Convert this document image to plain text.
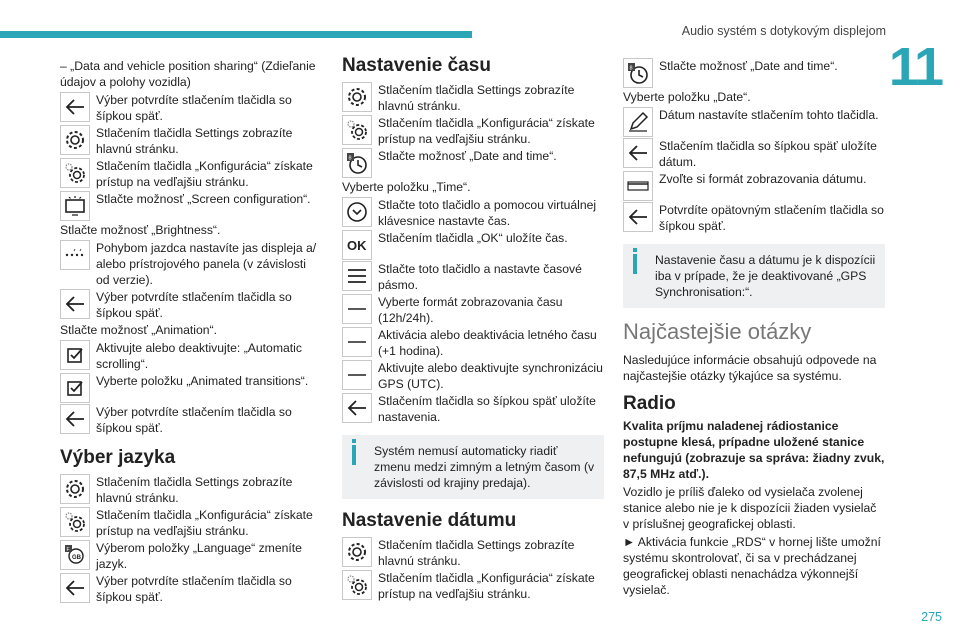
Audio systém s dotykovým displejom
11
275

– „Data and vehicle position sharing“ (Zdieľanie údajov a polohy vozidla)

Výber potvrdíte stlačením tlačidla so šípkou späť.
Stlačením tlačidla Settings zobrazíte hlavnú stránku.
Stlačením tlačidla „Konfigurácia“ získate prístup na vedľajšiu stránku.
Stlačte možnosť „Screen configuration“.

Stlačte možnosť „Brightness“.

Pohybom jazdca nastavíte jas displeja a/ alebo prístrojového panela (v závislosti od verzie).
Výber potvrdíte stlačením tlačidla so šípkou späť.

Stlačte možnosť „Animation“.

Aktivujte alebo deaktivujte: „Automatic scrolling“.
Vyberte položku „Animated transitions“.
Výber potvrdíte stlačením tlačidla so šípkou späť.
Výber jazyka
Stlačením tlačidla Settings zobrazíte hlavnú stránku.
Stlačením tlačidla „Konfigurácia“ získate prístup na vedľajšiu stránku.
GB
F Výberom položky „Language“ zmeníte jazyk.
Výber potvrdíte stlačením tlačidla so šípkou späť.
Nastavenie času
Stlačením tlačidla Settings zobrazíte hlavnú stránku.
Stlačením tlačidla „Konfigurácia“ získate prístup na vedľajšiu stránku.
8 Stlačte možnosť „Date and time“.

Vyberte položku „Time“.

Stlačte toto tlačidlo a pomocou virtuálnej klávesnice nastavte čas.
OK Stlačením tlačidla „OK“ uložíte čas.
Stlačte toto tlačidlo a nastavte časové pásmo.
Vyberte formát zobrazovania času (12h/24h).
Aktivácia alebo deaktivácia letného času (+1 hodina).
Aktivujte alebo deaktivujte synchronizáciu GPS (UTC).
Stlačením tlačidla so šípkou späť uložíte nastavenia.
Systém nemusí automaticky riadiť zmenu medzi zimným a letným časom (v závislosti od krajiny predaja).
Nastavenie dátumu
Stlačením tlačidla Settings zobrazíte hlavnú stránku.
Stlačením tlačidla „Konfigurácia“ získate prístup na vedľajšiu stránku.
8 Stlačte možnosť „Date and time“.

Vyberte položku „Date“.

Dátum nastavíte stlačením tohto tlačidla.
Stlačením tlačidla so šípkou späť uložíte dátum.
Zvoľte si formát zobrazovania dátumu.
Potvrdíte opätovným stlačením tlačidla so šípkou späť.
Nastavenie času a dátumu je k dispozícii iba v prípade, že je deaktivované „GPS Synchronisation:“.
Najčastejšie otázky

Nasledujúce informácie obsahujú odpovede na najčastejšie otázky týkajúce sa systému.

Radio

Kvalita príjmu naladenej rádiostanice postupne klesá, prípadne uložené stanice nefungujú (zobrazuje sa správa: žiadny zvuk, 87,5 MHz atď.).

Vozidlo je príliš ďaleko od vysielača zvolenej stanice alebo nie je k dispozícii žiaden vysielač v príslušnej geografickej oblasti.

► Aktivácia funkcie „RDS“ v hornej lište umožní systému skontrolovať, či sa v prechádzanej geografickej oblasti nenachádza výkonnejší vysielač.
